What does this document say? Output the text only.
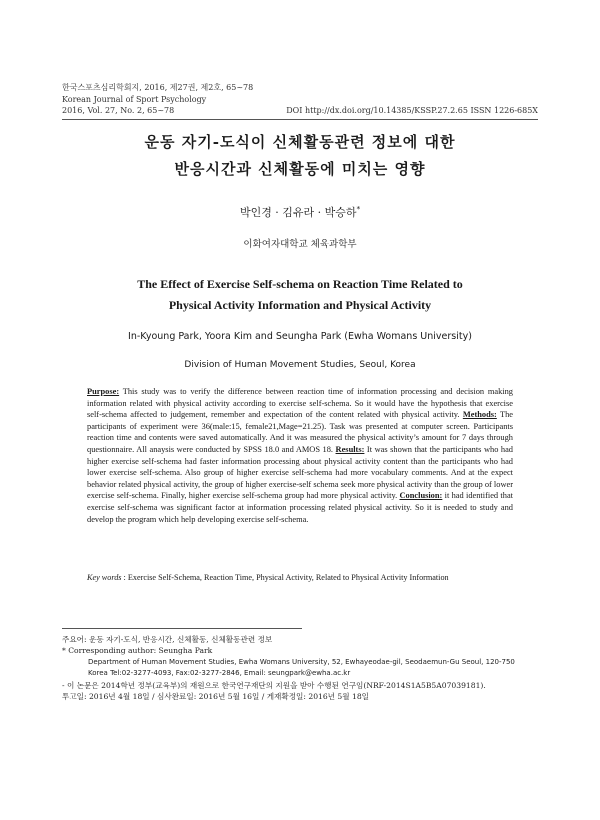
한국스포츠심리학회지, 2016, 제27권, 제2호, 65~78
Korean Journal of Sport Psychology
2016, Vol. 27, No. 2, 65~78	DOI http://dx.doi.org/10.14385/KSSP.27.2.65 ISSN 1226-685X
운동 자기-도식이 신체활동관련 정보에 대한
반응시간과 신체활동에 미치는 영향
박인경 · 김유라 · 박승하*
이화여자대학교 체육과학부
The Effect of Exercise Self-schema on Reaction Time Related to
Physical Activity Information and Physical Activity
In-Kyoung Park, Yoora Kim and Seungha Park (Ewha Womans University)
Division of Human Movement Studies, Seoul, Korea
Purpose: This study was to verify the difference between reaction time of information processing and decision making information related with physical activity according to exercise self-schema. So it would have the hypothesis that exercise self-schema affected to judgement, remember and expectation of the content related with physical activity. Methods: The participants of experiment were 36(male:15, female21,Mage=21.25). Task was presented at computer screen. Participants reaction time and contents were saved automatically. And it was measured the physical activity’s amount for 7 days through questionnaire. All anaysis were conducted by SPSS 18.0 and AMOS 18. Results: It was shown that the participants who had higher exercise self-schema had faster information processing about physical activity content than the participants who had lower exercise self-schema. Also group of higher exercise self-schema had more vocabulary comments. And at the expect behavior related physical activity, the group of higher exercise-self schema seek more physical activity than the group of lower exercise self-schema. Finally, higher exercise self-schema group had more physical activity. Conclusion: it had identified that exercise self-schema was significant factor at information processing related physical activity. So it is needed to study and develop the program which help developing exercise self-schema.
Key words : Exercise Self-Schema, Reaction Time, Physical Activity, Related to Physical Activity Information
주요어: 운동 자기-도식, 반응시간, 신체활동, 신체활동관련 정보
* Corresponding author: Seungha Park
Department of Human Movement Studies, Ewha Womans University, 52, Ewhayeodae-gil, Seodaemun-Gu Seoul, 120-750
Korea Tel:02-3277-4093, Fax:02-3277-2846, Email: seungpark@ewha.ac.kr
- 이 논문은 2014학년 정부(교육부)의 재원으로 한국연구재단의 지원을 받아 수행된 연구임(NRF-2014S1A5B5A07039181).
투고일: 2016년 4월 18일 / 심사완료일: 2016년 5월 16일 / 게재확정일: 2016년 5월 18일
